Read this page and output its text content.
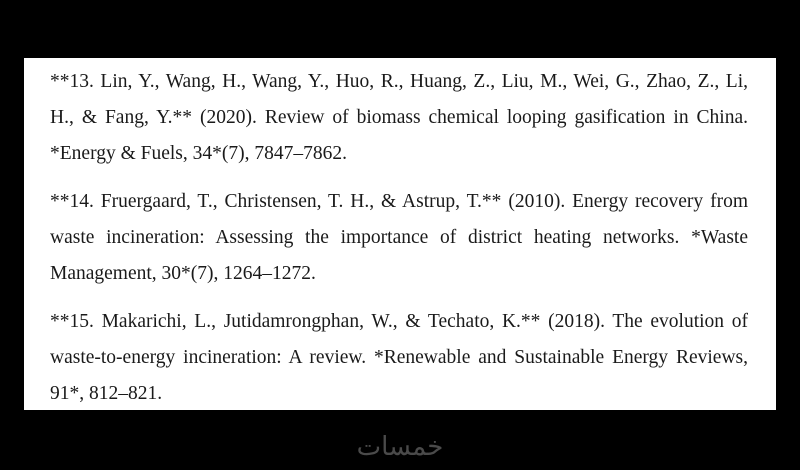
**13. Lin, Y., Wang, H., Wang, Y., Huo, R., Huang, Z., Liu, M., Wei, G., Zhao, Z., Li, H., & Fang, Y.** (2020). Review of biomass chemical looping gasification in China. *Energy & Fuels, 34*(7), 7847–7862.

**14. Fruergaard, T., Christensen, T. H., & Astrup, T.** (2010). Energy recovery from waste incineration: Assessing the importance of district heating networks. *Waste Management, 30*(7), 1264–1272.

**15. Makarichi, L., Jutidamrongphan, W., & Techato, K.** (2018). The evolution of waste-to-energy incineration: A review. *Renewable and Sustainable Energy Reviews, 91*, 812–821.

خمسات
